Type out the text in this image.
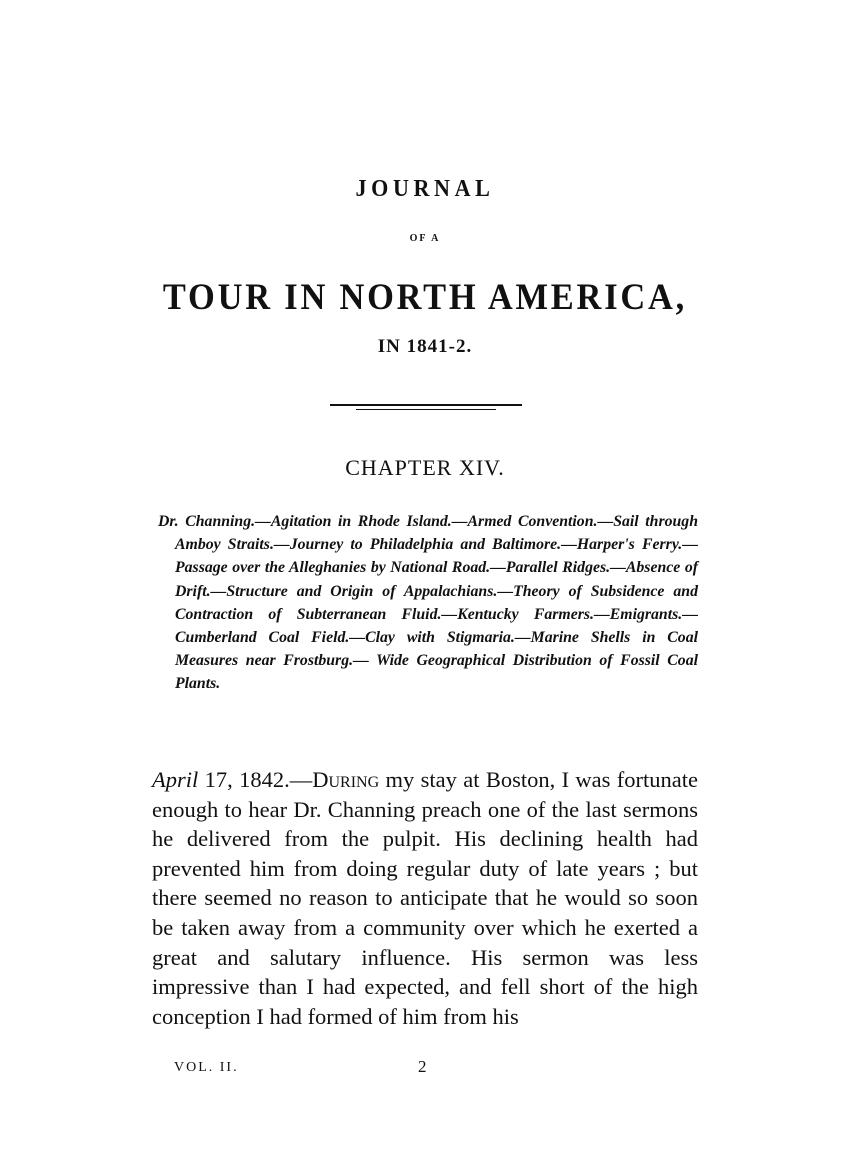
JOURNAL
OF A
TOUR IN NORTH AMERICA,
IN 1841-2.
CHAPTER XIV.
Dr. Channing.—Agitation in Rhode Island.—Armed Convention.—Sail through Amboy Straits.—Journey to Philadelphia and Baltimore.—Harper's Ferry.—Passage over the Alleghanies by National Road.—Parallel Ridges.—Absence of Drift.—Structure and Origin of Appalachians.—Theory of Subsidence and Contraction of Subterranean Fluid.—Kentucky Farmers.—Emigrants.—Cumberland Coal Field.—Clay with Stigmaria.—Marine Shells in Coal Measures near Frostburg.— Wide Geographical Distribution of Fossil Coal Plants.
April 17, 1842.—During my stay at Boston, I was fortunate enough to hear Dr. Channing preach one of the last sermons he delivered from the pulpit. His declining health had prevented him from doing regular duty of late years ; but there seemed no reason to anticipate that he would so soon be taken away from a community over which he exerted a great and salutary influence. His sermon was less impressive than I had expected, and fell short of the high conception I had formed of him from his
VOL. II.	2
